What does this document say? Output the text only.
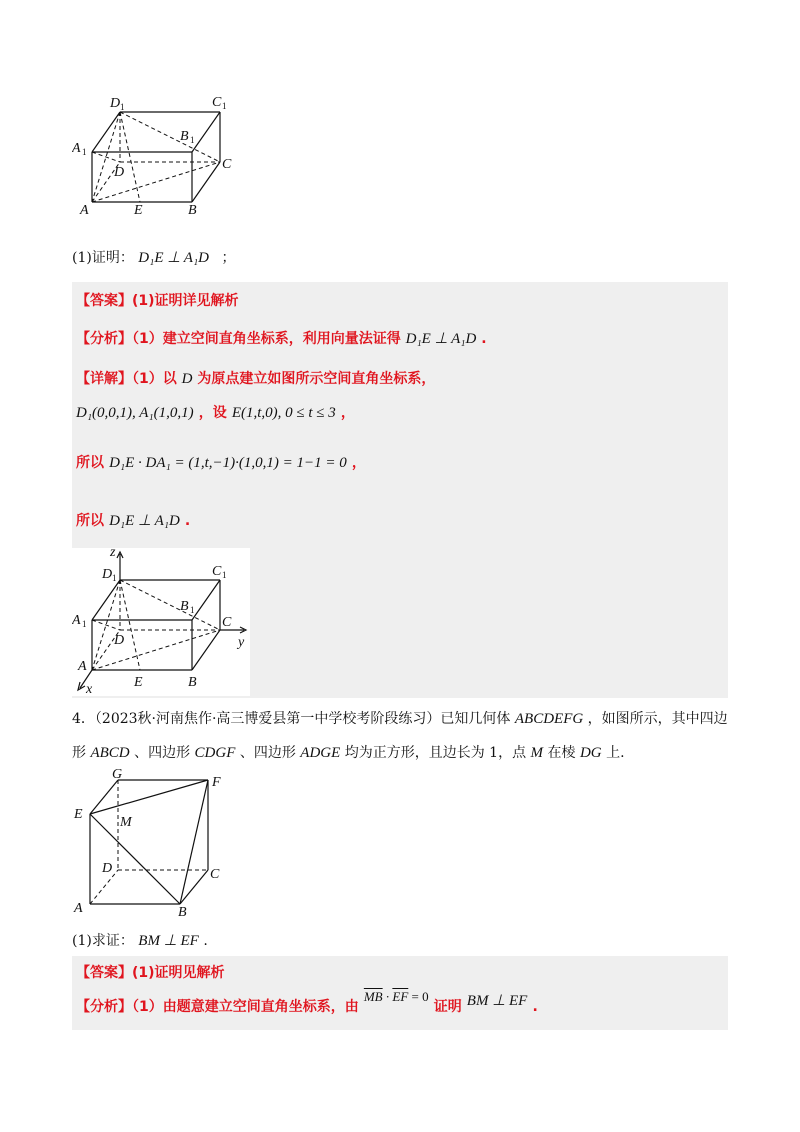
D 1	C 1
A 1
B 1
D
C
A	E	B
(1)证明： D₁E ⊥ A₁D ；
【答案】(1)证明详见解析
【分析】（1）建立空间直角坐标系，利用向量法证得 D₁E ⊥ A₁D .
【详解】（1）以 D 为原点建立如图所示空间直角坐标系，
D₁(0,0,1), A₁(1,0,1) ，设 E(1,t,0), 0 ≤ t ≤ 3 ，
所以 D₁E · DA₁ = (1,t,−1)·(1,0,1) = 1−1 = 0 ，
所以 D₁E ⊥ A₁D .
z
y
x
D 1	C 1
A 1
B 1
D
C
A
E	B
4．（2023秋·河南焦作·高三博爱县第一中学校考阶段练习）已知几何体 ABCDEFG ，如图所示，其中四边
形 ABCD 、四边形 CDGF 、四边形 ADGE 均为正方形，且边长为 1，点 M 在棱 DG 上.
G
F
E
M
D	C
A	B
(1)求证： BM ⊥ EF .
【答案】(1)证明见解析
【分析】（1）由题意建立空间直角坐标系，由 $^{\overline{MB}}$ · $^{\overline{EF}}$ $^{= 0}$ 证明 BM ⊥ EF .
